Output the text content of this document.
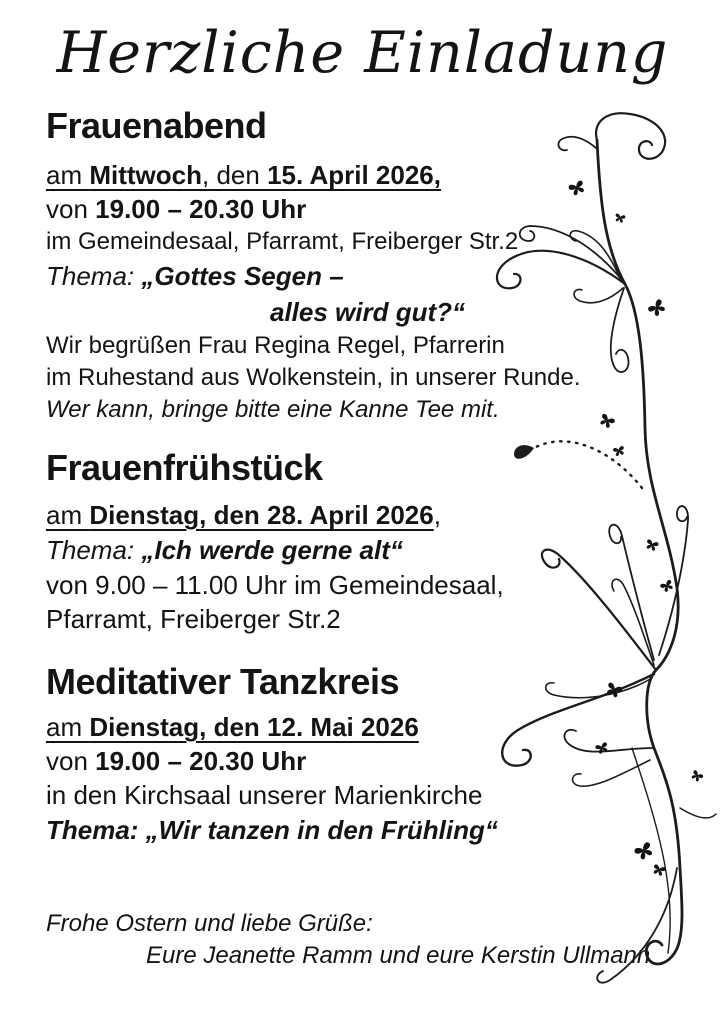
Herzliche Einladung
Frauenabend
am Mittwoch, den 15. April 2026,
von 19.00 – 20.30 Uhr
im Gemeindesaal, Pfarramt, Freiberger Str.2
Thema: „Gottes Segen –
alles wird gut?“
Wir begrüßen Frau Regina Regel, Pfarrerin
im Ruhestand aus Wolkenstein, in unserer Runde.
Wer kann, bringe bitte eine Kanne Tee mit.
Frauenfrühstück
am Dienstag, den 28. April 2026,
Thema: „Ich werde gerne alt“
von 9.00 – 11.00 Uhr im Gemeindesaal,
Pfarramt, Freiberger Str.2
Meditativer Tanzkreis
am Dienstag, den 12. Mai 2026
von 19.00 – 20.30 Uhr
in den Kirchsaal unserer Marienkirche
Thema: „Wir tanzen in den Frühling“
Frohe Ostern und liebe Grüße:
Eure Jeanette Ramm und eure Kerstin Ullmann
